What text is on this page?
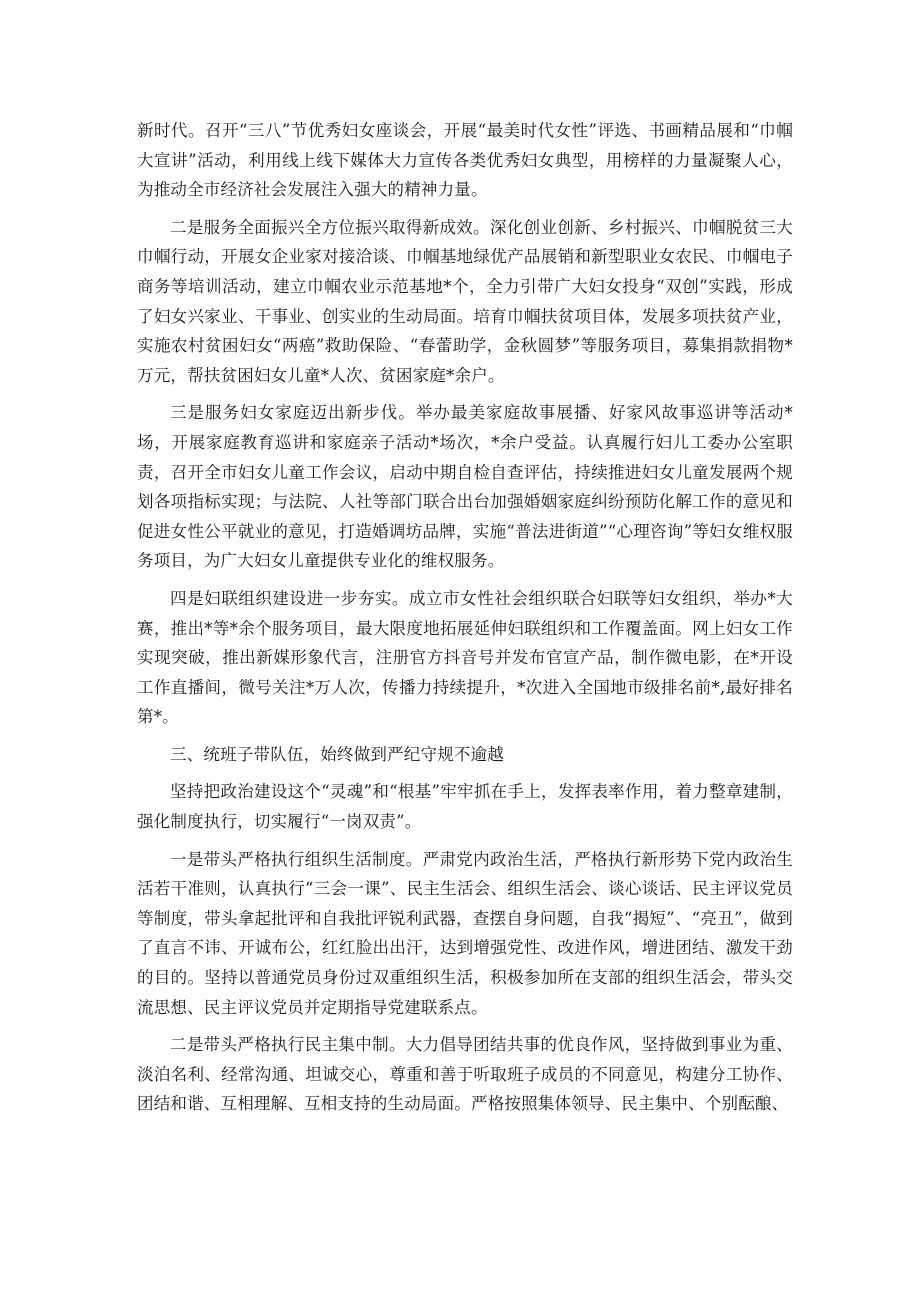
新时代。召开“三八”节优秀妇女座谈会，开展“最美时代女性”评选、书画精品展和“巾帼大宣讲”活动，利用线上线下媒体大力宣传各类优秀妇女典型，用榜样的力量凝聚人心，为推动全市经济社会发展注入强大的精神力量。

二是服务全面振兴全方位振兴取得新成效。深化创业创新、乡村振兴、巾帼脱贫三大巾帼行动，开展女企业家对接洽谈、巾帼基地绿优产品展销和新型职业女农民、巾帼电子商务等培训活动，建立巾帼农业示范基地*个，全力引带广大妇女投身“双创”实践，形成了妇女兴家业、干事业、创实业的生动局面。培育巾帼扶贫项目体，发展多项扶贫产业，实施农村贫困妇女“两癌”救助保险、“春蕾助学，金秋圆梦”等服务项目，募集捐款捐物*万元，帮扶贫困妇女儿童*人次、贫困家庭*余户。

三是服务妇女家庭迈出新步伐。举办最美家庭故事展播、好家风故事巡讲等活动*场，开展家庭教育巡讲和家庭亲子活动*场次，*余户受益。认真履行妇儿工委办公室职责，召开全市妇女儿童工作会议，启动中期自检自查评估，持续推进妇女儿童发展两个规划各项指标实现；与法院、人社等部门联合出台加强婚姻家庭纠纷预防化解工作的意见和促进女性公平就业的意见，打造婚调坊品牌，实施“普法进街道”“心理咨询”等妇女维权服务项目，为广大妇女儿童提供专业化的维权服务。

四是妇联组织建设进一步夯实。成立市女性社会组织联合妇联等妇女组织，举办*大赛，推出*等*余个服务项目，最大限度地拓展延伸妇联组织和工作覆盖面。网上妇女工作实现突破，推出新媒形象代言，注册官方抖音号并发布官宣产品，制作微电影，在*开设工作直播间，微号关注*万人次，传播力持续提升，*次进入全国地市级排名前*,最好排名第*。

三、统班子带队伍，始终做到严纪守规不逾越

坚持把政治建设这个“灵魂”和“根基”牢牢抓在手上，发挥表率作用，着力整章建制，强化制度执行，切实履行“一岗双责”。

一是带头严格执行组织生活制度。严肃党内政治生活，严格执行新形势下党内政治生活若干准则，认真执行“三会一课”、民主生活会、组织生活会、谈心谈话、民主评议党员等制度，带头拿起批评和自我批评锐利武器，查摆自身问题，自我“揭短”、“亮丑”，做到了直言不讳、开诚布公，红红脸出出汗，达到增强党性、改进作风，增进团结、激发干劲的目的。坚持以普通党员身份过双重组织生活，积极参加所在支部的组织生活会，带头交流思想、民主评议党员并定期指导党建联系点。

二是带头严格执行民主集中制。大力倡导团结共事的优良作风，坚持做到事业为重、淡泊名利、经常沟通、坦诚交心，尊重和善于听取班子成员的不同意见，构建分工协作、团结和谐、互相理解、互相支持的生动局面。严格按照集体领导、民主集中、个别酝酿、
